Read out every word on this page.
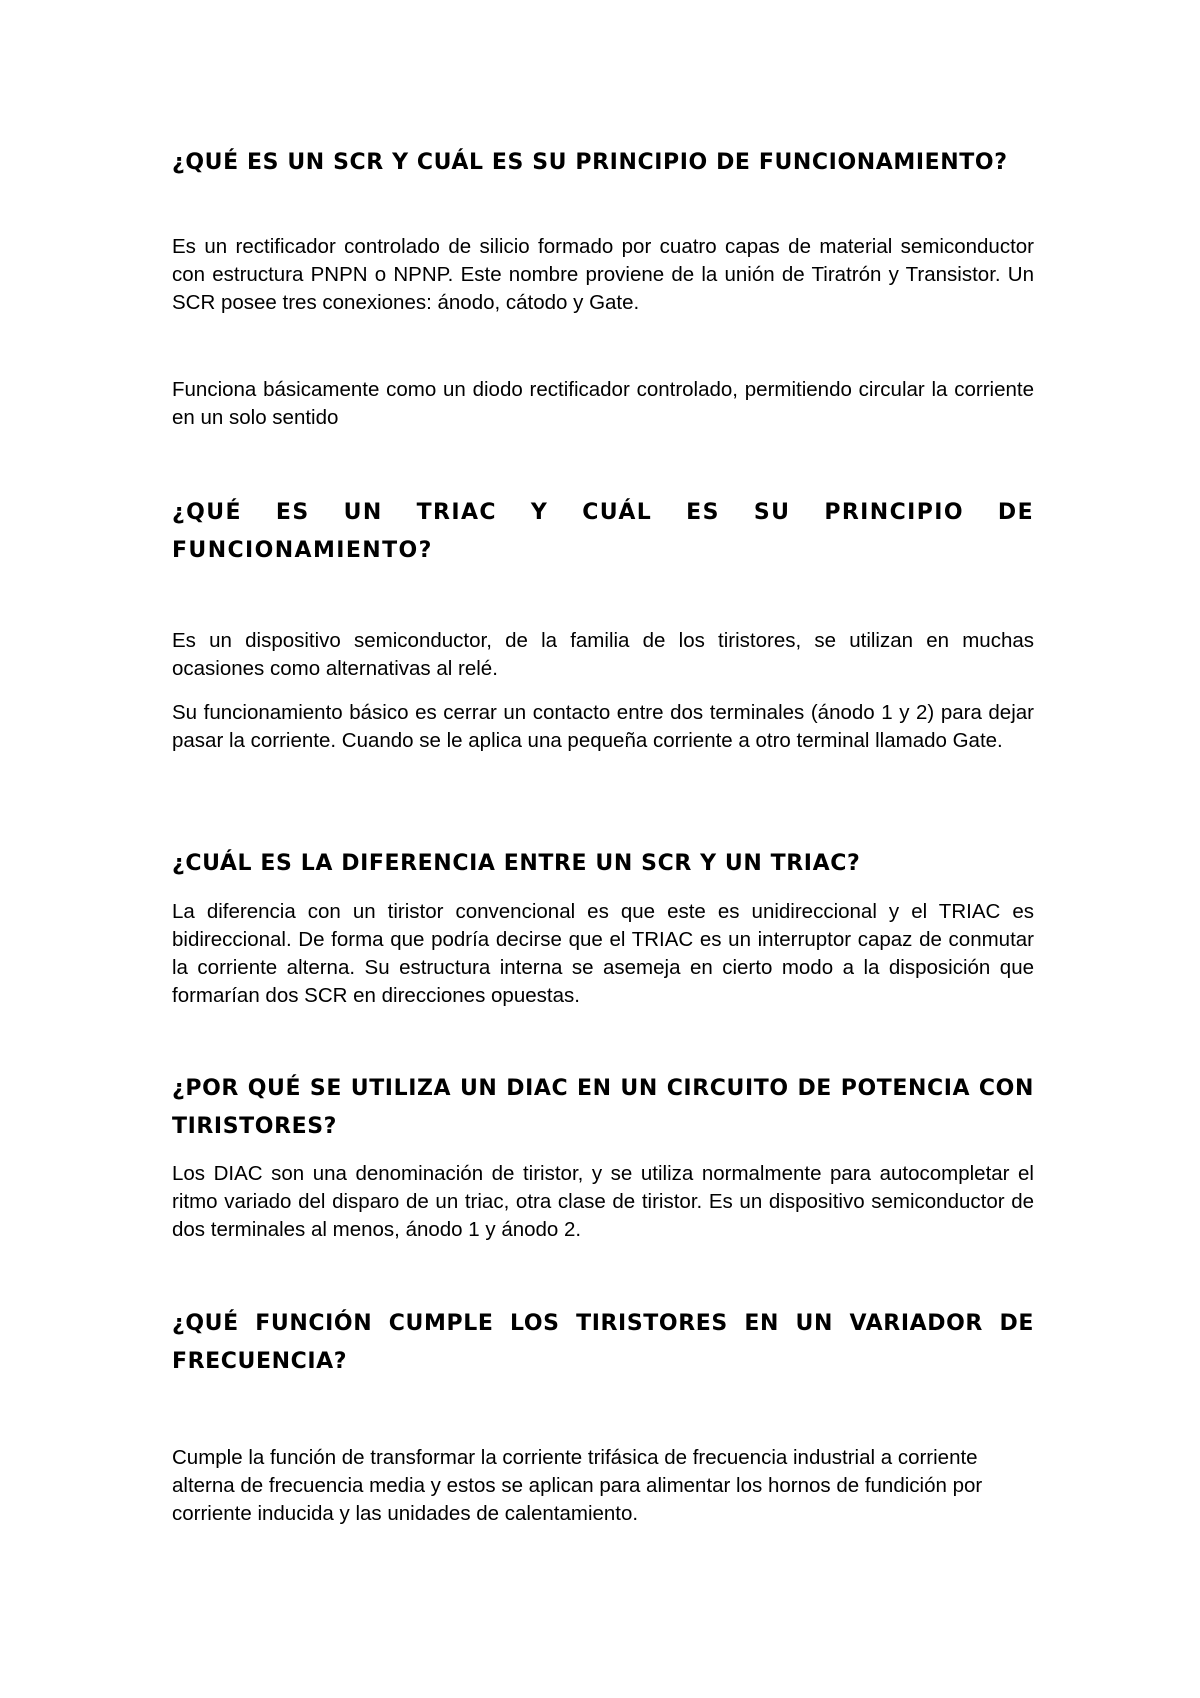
¿QUÉ ES UN SCR Y CUÁL ES SU PRINCIPIO DE FUNCIONAMIENTO?

Es un rectificador controlado de silicio formado por cuatro capas de material semiconductor con estructura PNPN o NPNP. Este nombre proviene de la unión de Tiratrón y Transistor. Un SCR posee tres conexiones: ánodo, cátodo y Gate.

Funciona básicamente como un diodo rectificador controlado, permitiendo circular la corriente en un solo sentido

¿QUÉ ES UN TRIAC Y CUÁL ES SU PRINCIPIO DE FUNCIONAMIENTO?

Es un dispositivo semiconductor, de la familia de los tiristores, se utilizan en muchas ocasiones como alternativas al relé.

Su funcionamiento básico es cerrar un contacto entre dos terminales (ánodo 1 y 2) para dejar pasar la corriente. Cuando se le aplica una pequeña corriente a otro terminal llamado Gate.

¿CUÁL ES LA DIFERENCIA ENTRE UN SCR Y UN TRIAC?

La diferencia con un tiristor convencional es que este es unidireccional y el TRIAC es bidireccional. De forma que podría decirse que el TRIAC es un interruptor capaz de conmutar la corriente alterna. Su estructura interna se asemeja en cierto modo a la disposición que formarían dos SCR en direcciones opuestas.

¿POR QUÉ SE UTILIZA UN DIAC EN UN CIRCUITO DE POTENCIA CON TIRISTORES?

Los DIAC son una denominación de tiristor, y se utiliza normalmente para autocompletar el ritmo variado del disparo de un triac, otra clase de tiristor. Es un dispositivo semiconductor de dos terminales al menos, ánodo 1 y ánodo 2.

¿QUÉ FUNCIÓN CUMPLE LOS TIRISTORES EN UN VARIADOR DE FRECUENCIA?

Cumple la función de transformar la corriente trifásica de frecuencia industrial a corriente alterna de frecuencia media y estos se aplican para alimentar los hornos de fundición por corriente inducida y las unidades de calentamiento.
